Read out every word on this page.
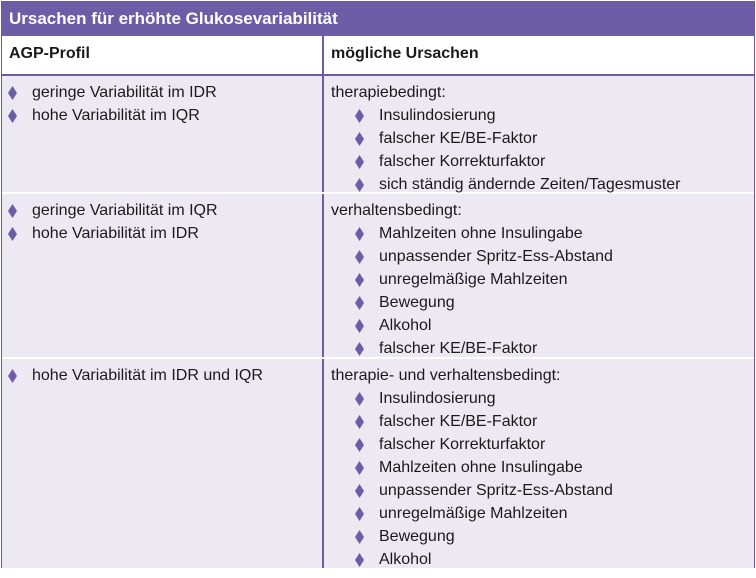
Ursachen für erhöhte Glukosevariabilität
AGP-Profil	mögliche Ursachen
geringe Variabilität im IDR
hohe Variabilität im IQR
therapiebedingt:
Insulindosierung
falscher KE/BE-Faktor
falscher Korrekturfaktor
sich ständig ändernde Zeiten/Tagesmuster
geringe Variabilität im IQR
hohe Variabilität im IDR
verhaltensbedingt:
Mahlzeiten ohne Insulingabe
unpassender Spritz-Ess-Abstand
unregelmäßige Mahlzeiten
Bewegung
Alkohol
falscher KE/BE-Faktor
hohe Variabilität im IDR und IQR	therapie- und verhaltensbedingt:
Insulindosierung
falscher KE/BE-Faktor
falscher Korrekturfaktor
Mahlzeiten ohne Insulingabe
unpassender Spritz-Ess-Abstand
unregelmäßige Mahlzeiten
Bewegung
Alkohol
